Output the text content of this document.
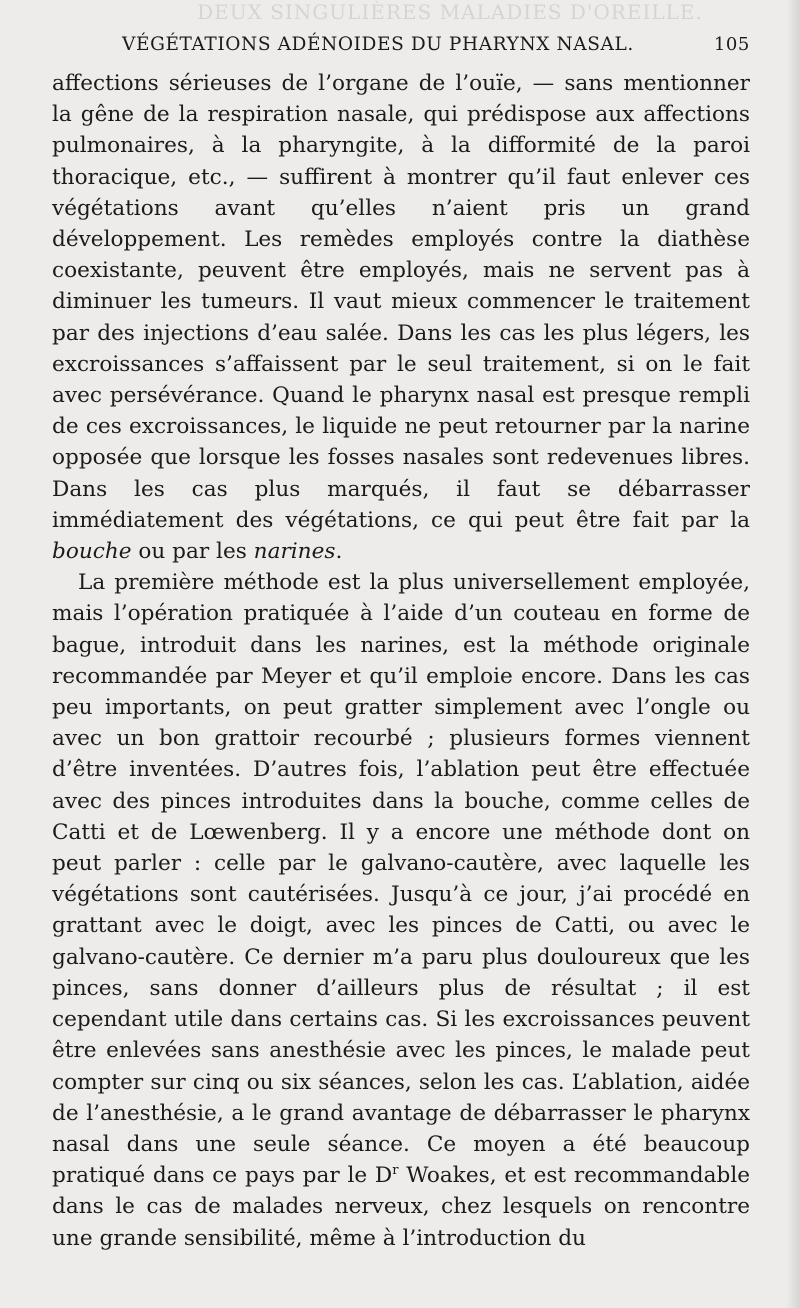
DEUX SINGULIÈRES MALADIES D'OREILLE.
VÉGÉTATIONS ADÉNOIDES DU PHARYNX NASAL.	105

affections sérieuses de l’organe de l’ouïe, — sans mentionner la gêne de la respiration nasale, qui prédispose aux affections pulmonaires, à la pharyngite, à la difformité de la paroi thoracique, etc., — suffirent à montrer qu’il faut enlever ces végétations avant qu’elles n’aient pris un grand développement. Les remèdes employés contre la diathèse coexistante, peuvent être employés, mais ne servent pas à diminuer les tumeurs. Il vaut mieux commencer le traitement par des injections d’eau salée. Dans les cas les plus légers, les excroissances s’affaissent par le seul traitement, si on le fait avec persévérance. Quand le pharynx nasal est presque rempli de ces excroissances, le liquide ne peut retourner par la narine opposée que lorsque les fosses nasales sont redevenues libres. Dans les cas plus marqués, il faut se débarrasser immédiatement des végétations, ce qui peut être fait par la bouche ou par les narines.

La première méthode est la plus universellement employée, mais l’opération pratiquée à l’aide d’un couteau en forme de bague, introduit dans les narines, est la méthode originale recommandée par Meyer et qu’il emploie encore. Dans les cas peu importants, on peut gratter simplement avec l’ongle ou avec un bon grattoir recourbé ; plusieurs formes viennent d’être inventées. D’autres fois, l’ablation peut être effectuée avec des pinces introduites dans la bouche, comme celles de Catti et de Lœwenberg. Il y a encore une méthode dont on peut parler : celle par le galvano-cautère, avec laquelle les végétations sont cautérisées. Jusqu’à ce jour, j’ai procédé en grattant avec le doigt, avec les pinces de Catti, ou avec le galvano-cautère. Ce dernier m’a paru plus douloureux que les pinces, sans donner d’ailleurs plus de résultat ; il est cependant utile dans certains cas. Si les excroissances peuvent être enlevées sans anesthésie avec les pinces, le malade peut compter sur cinq ou six séances, selon les cas. L’ablation, aidée de l’anesthésie, a le grand avantage de débarrasser le pharynx nasal dans une seule séance. Ce moyen a été beaucoup pratiqué dans ce pays par le $D^r$ Woakes, et est recommandable dans le cas de malades nerveux, chez lesquels on rencontre une grande sensibilité, même à l’introduction du
